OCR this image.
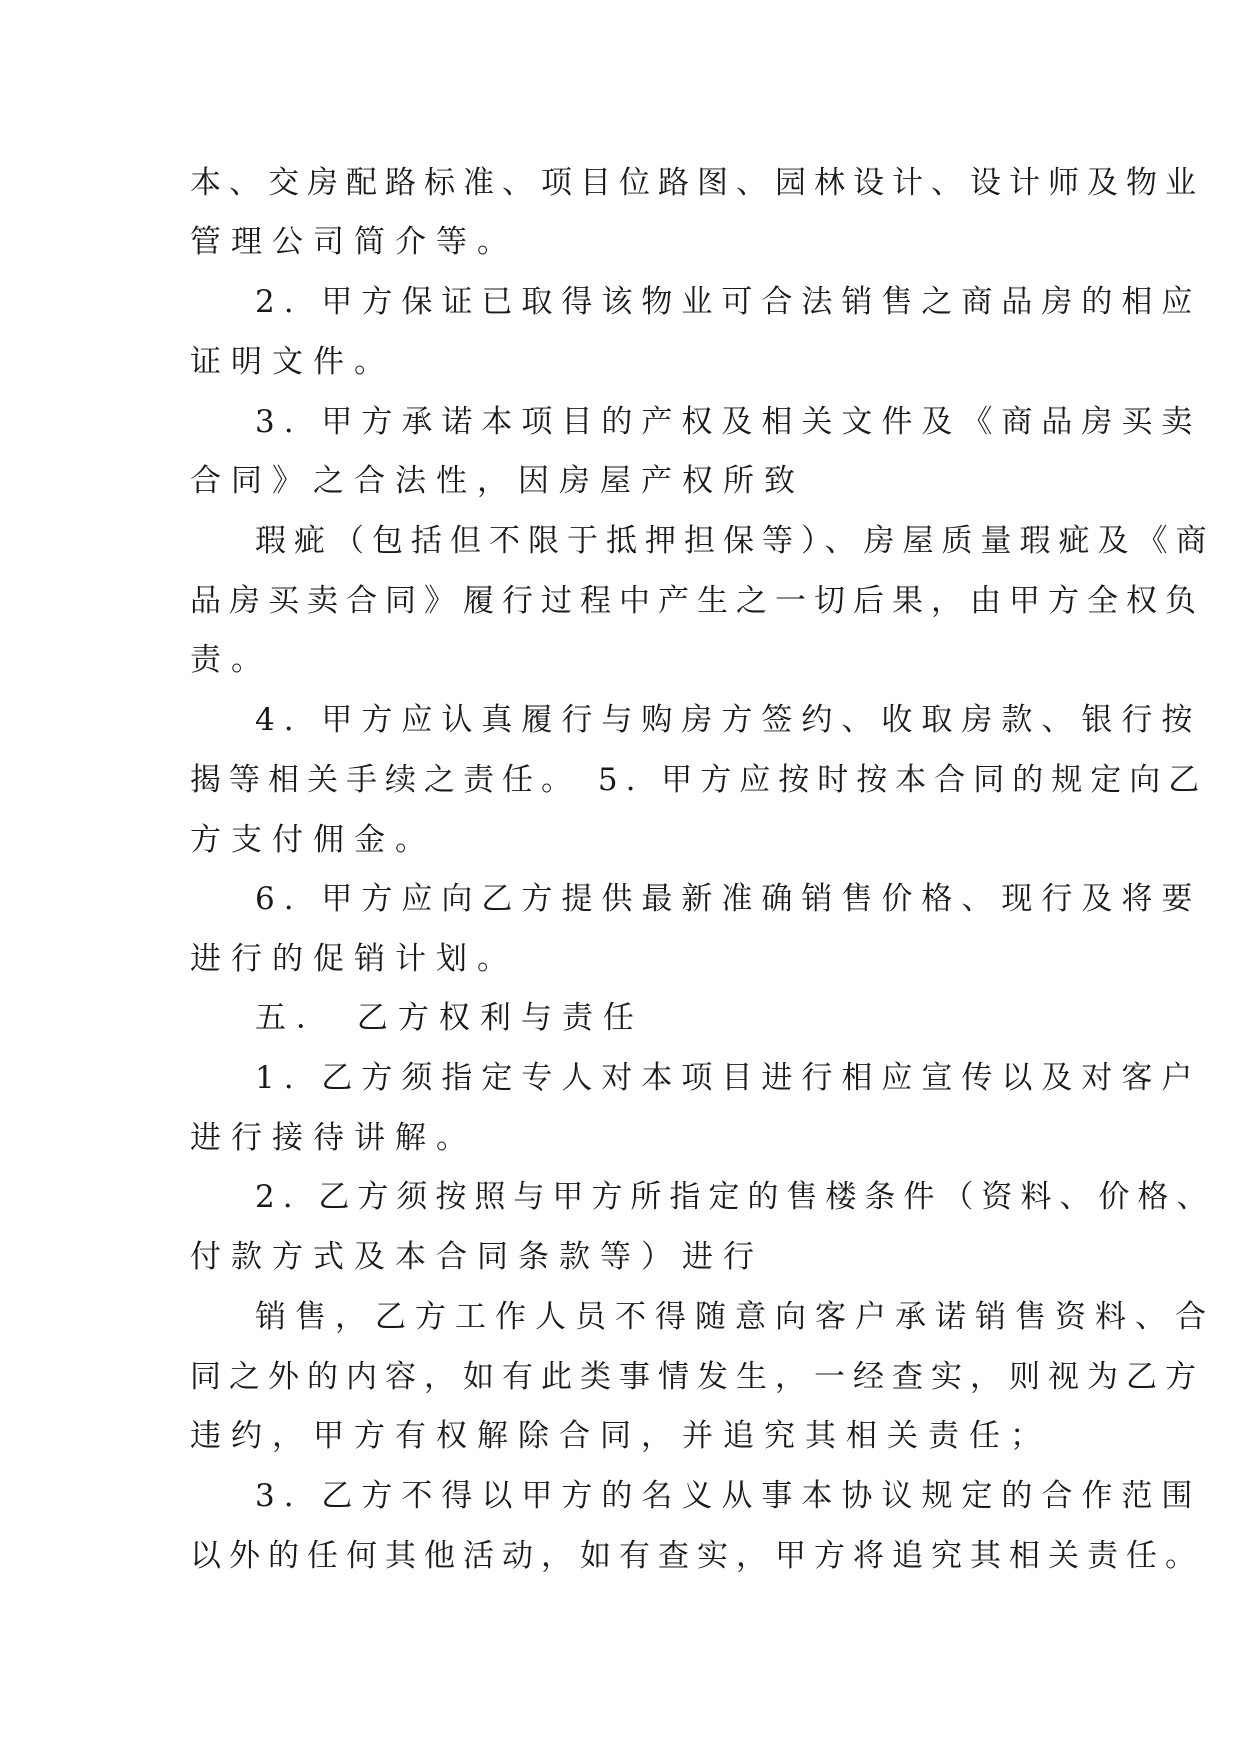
本、交房配路标准、项目位路图、园林设计、设计师及物业
管理公司简介等。
2. 甲方保证已取得该物业可合法销售之商品房的相应
证明文件。
3. 甲方承诺本项目的产权及相关文件及《商品房买卖
合同》之合法性，因房屋产权所致
瑕疵（包括但不限于抵押担保等）、房屋质量瑕疵及《商
品房买卖合同》履行过程中产生之一切后果，由甲方全权负
责。
4. 甲方应认真履行与购房方签约、收取房款、银行按
揭等相关手续之责任。 5. 甲方应按时按本合同的规定向乙
方支付佣金。
6. 甲方应向乙方提供最新准确销售价格、现行及将要
进行的促销计划。
五． 乙方权利与责任
1. 乙方须指定专人对本项目进行相应宣传以及对客户
进行接待讲解。
2. 乙方须按照与甲方所指定的售楼条件（资料、价格、
付款方式及本合同条款等）进行
销售，乙方工作人员不得随意向客户承诺销售资料、合
同之外的内容，如有此类事情发生，一经查实，则视为乙方
违约，甲方有权解除合同，并追究其相关责任；
3. 乙方不得以甲方的名义从事本协议规定的合作范围
以外的任何其他活动，如有查实，甲方将追究其相关责任。
